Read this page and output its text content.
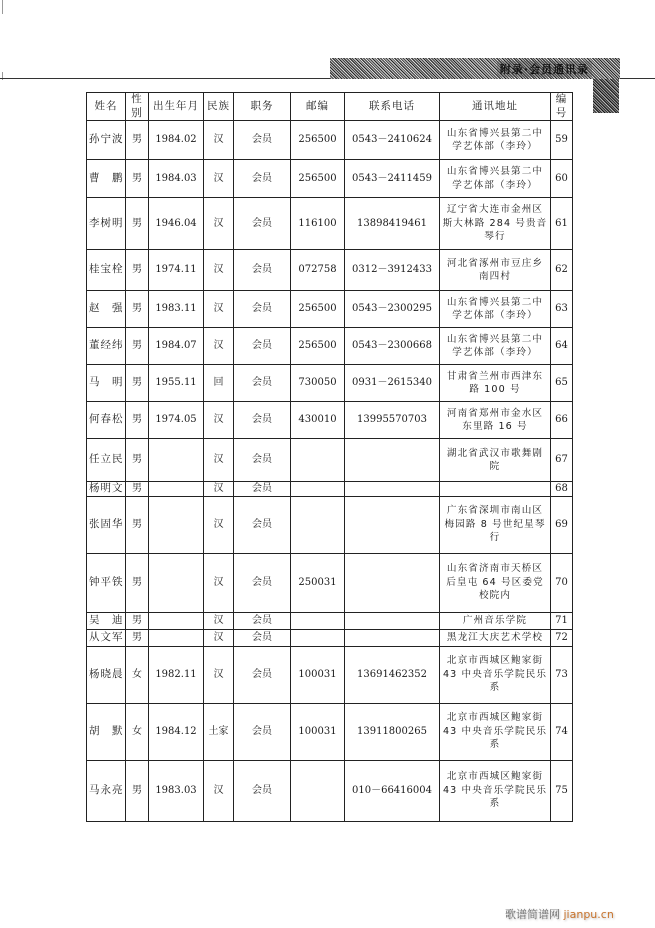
附录·会员通讯录
姓名	性别	出生年月	民族	职务	邮编	联系电话	通讯地址	编号
孙宁波	男	1984.02	汉	会员	256500	0543－2410624	山东省博兴县第二中学艺体部（李玲）	59
曹　鹏	男	1984.03	汉	会员	256500	0543－2411459	山东省博兴县第二中学艺体部（李玲）	60
李树明	男	1946.04	汉	会员	116100	13898419461	辽宁省大连市金州区斯大林路 284 号贵音琴行	61
桂宝栓	男	1974.11	汉	会员	072758	0312－3912433	河北省涿州市豆庄乡南四村	62
赵　强	男	1983.11	汉	会员	256500	0543－2300295	山东省博兴县第二中学艺体部（李玲）	63
董经纬	男	1984.07	汉	会员	256500	0543－2300668	山东省博兴县第二中学艺体部（李玲）	64
马　明	男	1955.11	回	会员	730050	0931－2615340	甘肃省兰州市西津东路 100 号	65
何春松	男	1974.05	汉	会员	430010	13995570703	河南省郑州市金水区东里路 16 号	66
任立民	男		汉	会员			湖北省武汉市歌舞剧院	67
杨明文	男		汉	会员				68
张固华	男		汉	会员			广东省深圳市南山区梅园路 8 号世纪星琴行	69
钟平铁	男		汉	会员	250031		山东省济南市天桥区后皇屯 64 号区委党校院内	70
吴　迪	男		汉	会员			广州音乐学院	71
从文军	男		汉	会员			黑龙江大庆艺术学校	72
杨晓晨	女	1982.11	汉	会员	100031	13691462352	北京市西城区鲍家街 43 中央音乐学院民乐系	73
胡　默	女	1984.12	土家	会员	100031	13911800265	北京市西城区鲍家街 43 中央音乐学院民乐系	74
马永亮	男	1983.03	汉	会员		010－66416004	北京市西城区鲍家街 43 中央音乐学院民乐系	75
歌谱简谱网 jianpu.cn
